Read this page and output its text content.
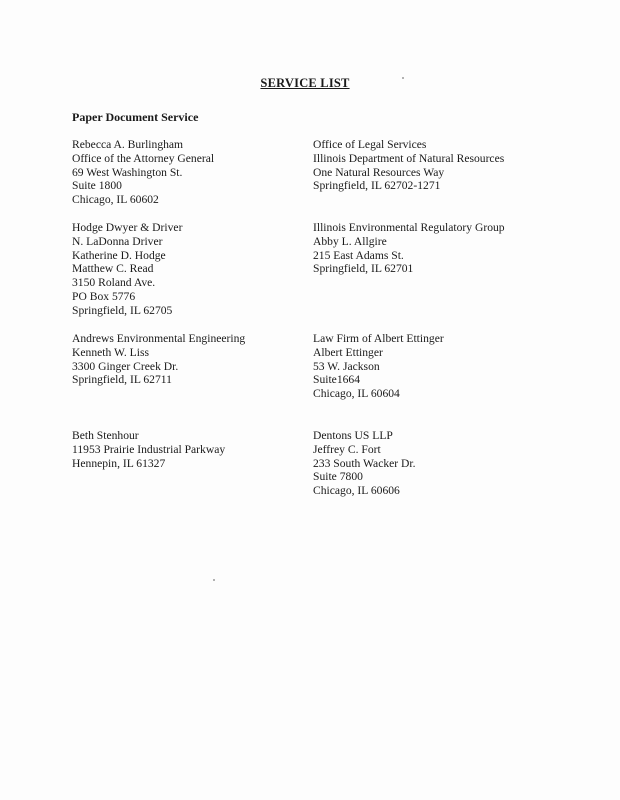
SERVICE LIST
Paper Document Service
Rebecca A. Burlingham
Office of the Attorney General
69 West Washington St.
Suite 1800
Chicago, IL 60602
Office of Legal Services
Illinois Department of Natural Resources
One Natural Resources Way
Springfield, IL 62702-1271
Hodge Dwyer & Driver
N. LaDonna Driver
Katherine D. Hodge
Matthew C. Read
3150 Roland Ave.
PO Box 5776
Springfield, IL 62705
Illinois Environmental Regulatory Group
Abby L. Allgire
215 East Adams St.
Springfield, IL 62701
Andrews Environmental Engineering
Kenneth W. Liss
3300 Ginger Creek Dr.
Springfield, IL 62711
Law Firm of Albert Ettinger
Albert Ettinger
53 W. Jackson
Suite1664
Chicago, IL 60604
Beth Stenhour
11953 Prairie Industrial Parkway
Hennepin, IL 61327
Dentons US LLP
Jeffrey C. Fort
233 South Wacker Dr.
Suite 7800
Chicago, IL 60606
